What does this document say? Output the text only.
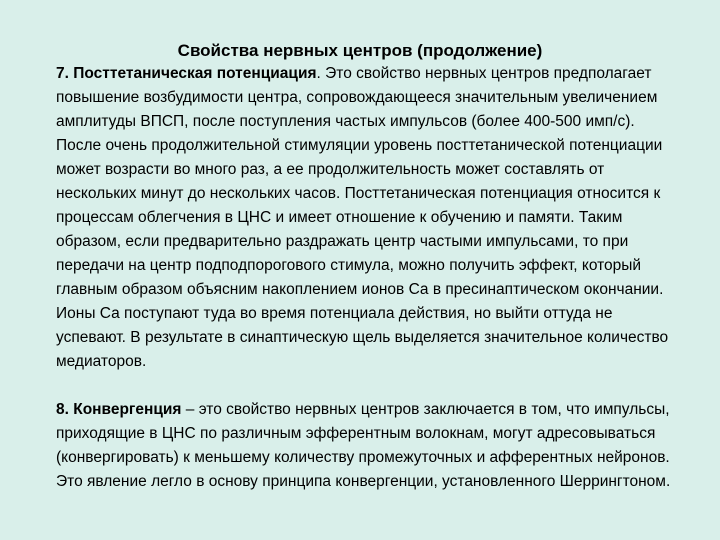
Свойства нервных центров (продолжение)

7. Посттетаническая потенциация. Это свойство нервных центров предполагает повышение возбудимости центра, сопровождающееся значительным увеличением амплитуды ВПСП, после поступления частых импульсов (более 400-500 имп/с). После очень продолжительной стимуляции уровень посттетанической потенциации может возрасти во много раз, а ее продолжительность может составлять от нескольких минут до нескольких часов. Посттетаническая потенциация относится к процессам облегчения в ЦНС и имеет отношение к обучению и памяти. Таким образом, если предварительно раздражать центр частыми импульсами, то при передачи на центр подподпорогового стимула, можно получить эффект, который главным образом объясним накоплением ионов Са в пресинаптическом окончании. Ионы Са поступают туда во время потенциала действия, но выйти оттуда не успевают. В результате в синаптическую щель выделяется значительное количество медиаторов.

8. Конвергенция – это свойство нервных центров заключается в том, что импульсы, приходящие в ЦНС по различным эфферентным волокнам, могут адресовываться (конвергировать) к меньшему количеству промежуточных и афферентных нейронов. Это явление легло в основу принципа конвергенции, установленного Шеррингтоном.
